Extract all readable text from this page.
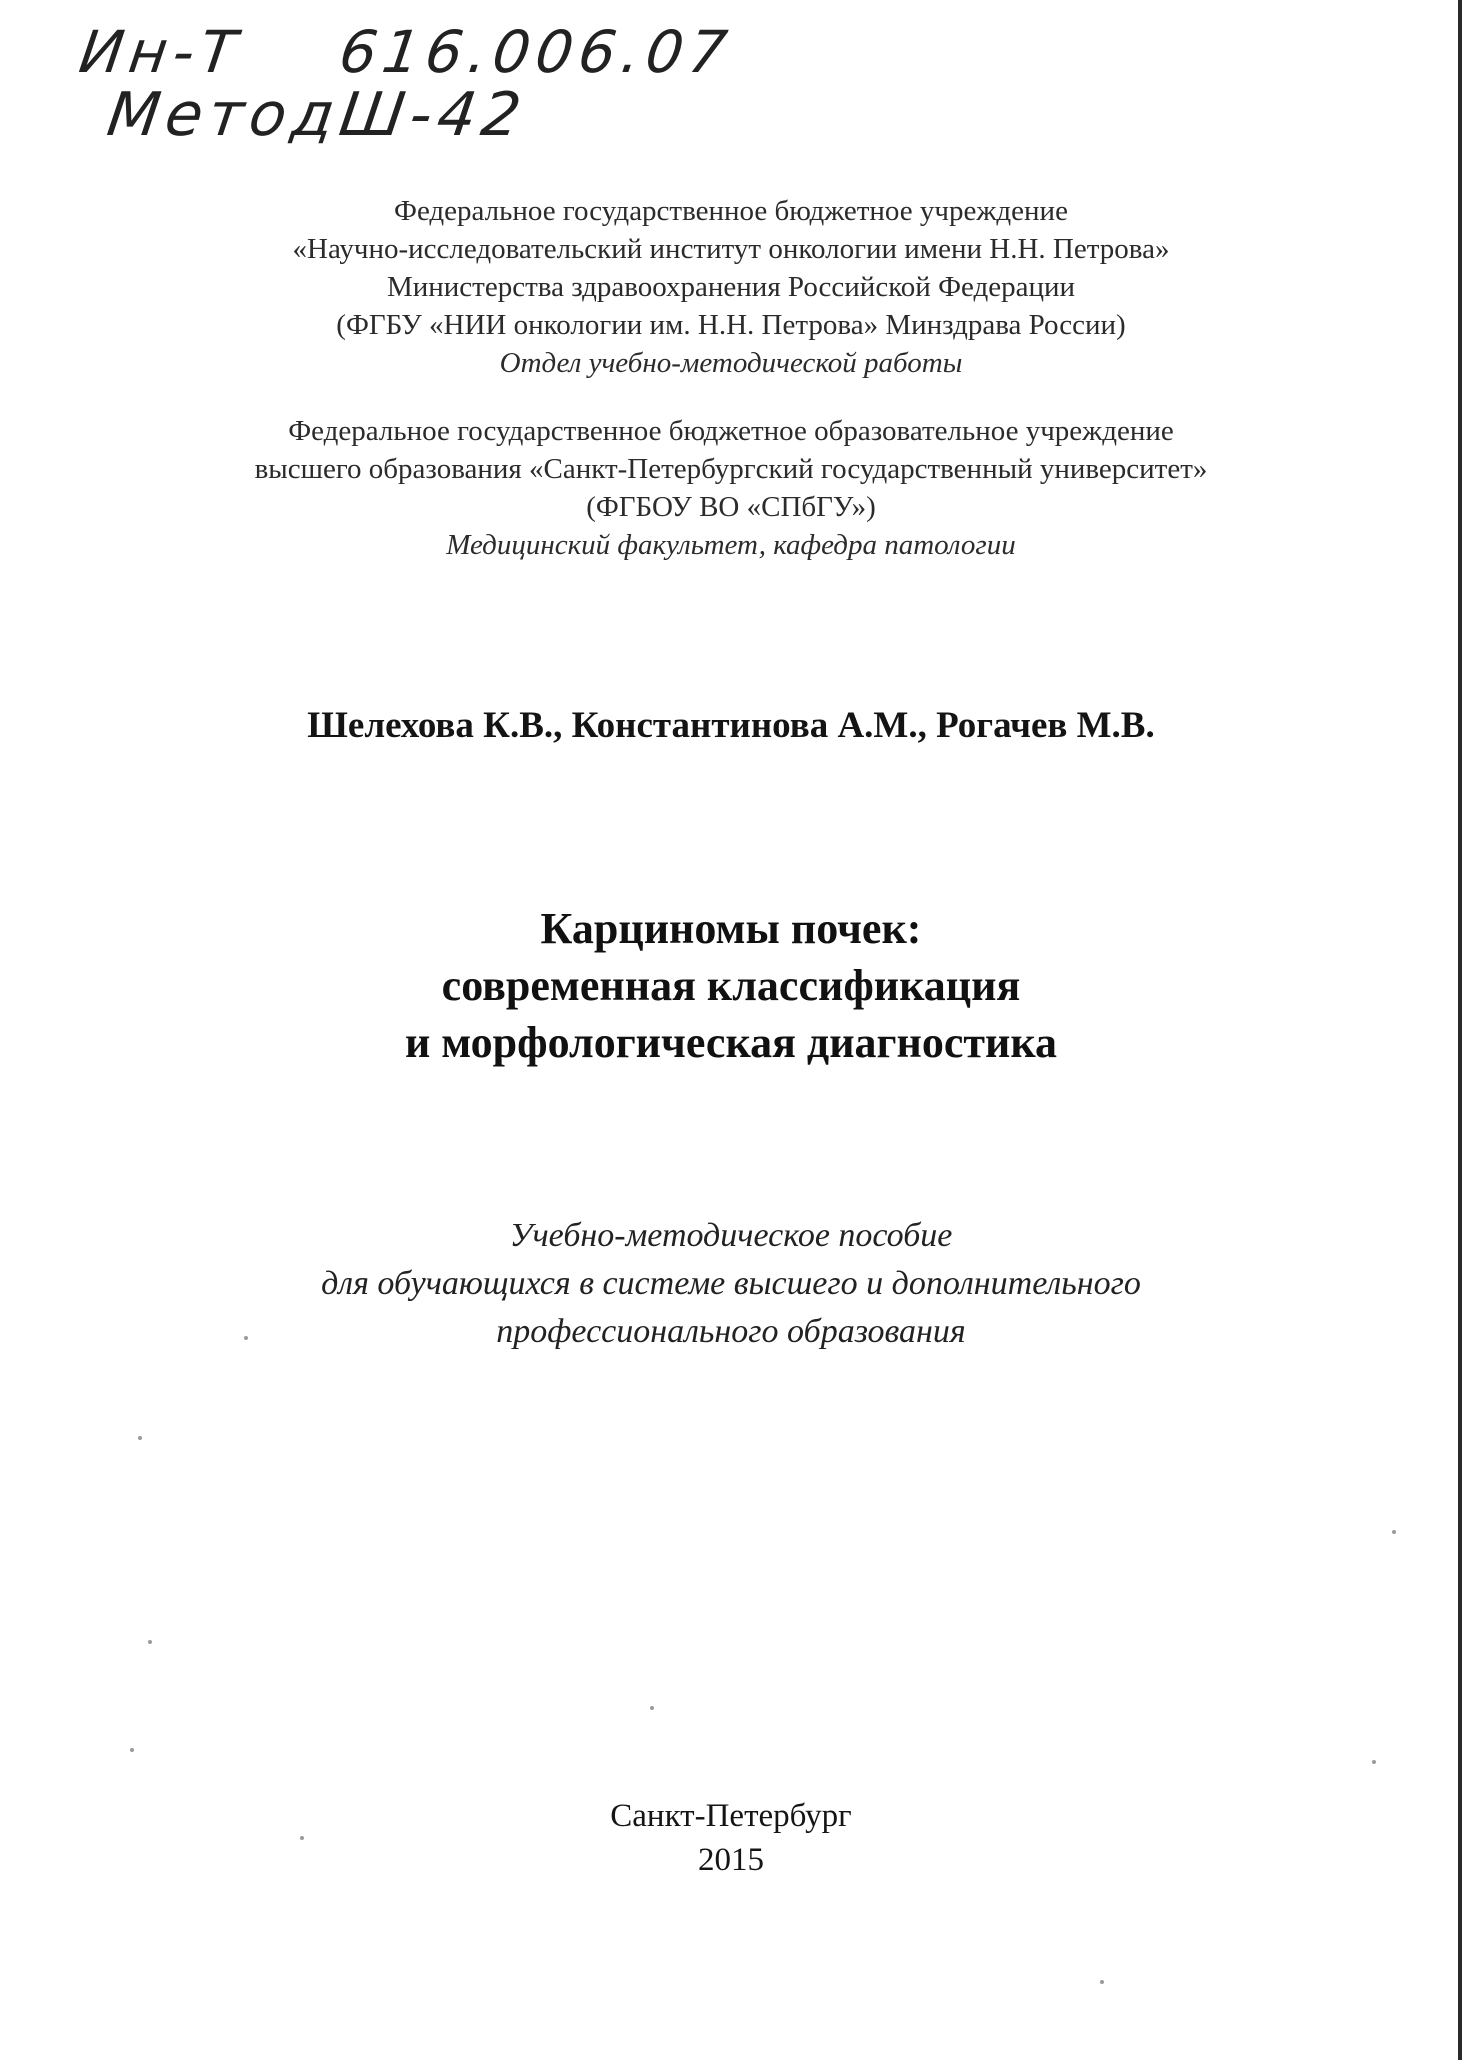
Ин-Т 616.006.07
Метод
Ш-42
Федеральное государственное бюджетное учреждение
«Научно-исследовательский институт онкологии имени Н.Н. Петрова»
Министерства здравоохранения Российской Федерации
(ФГБУ «НИИ онкологии им. Н.Н. Петрова» Минздрава России)
Отдел учебно-методической работы
Федеральное государственное бюджетное образовательное учреждение
высшего образования «Санкт-Петербургский государственный университет»
(ФГБОУ ВО «СПбГУ»)
Медицинский факультет, кафедра патологии
Шелехова К.В., Константинова А.М., Рогачев М.В.
Карциномы почек:
современная классификация
и морфологическая диагностика
Учебно-методическое пособие
для обучающихся в системе высшего и дополнительного
профессионального образования
Санкт-Петербург
2015
